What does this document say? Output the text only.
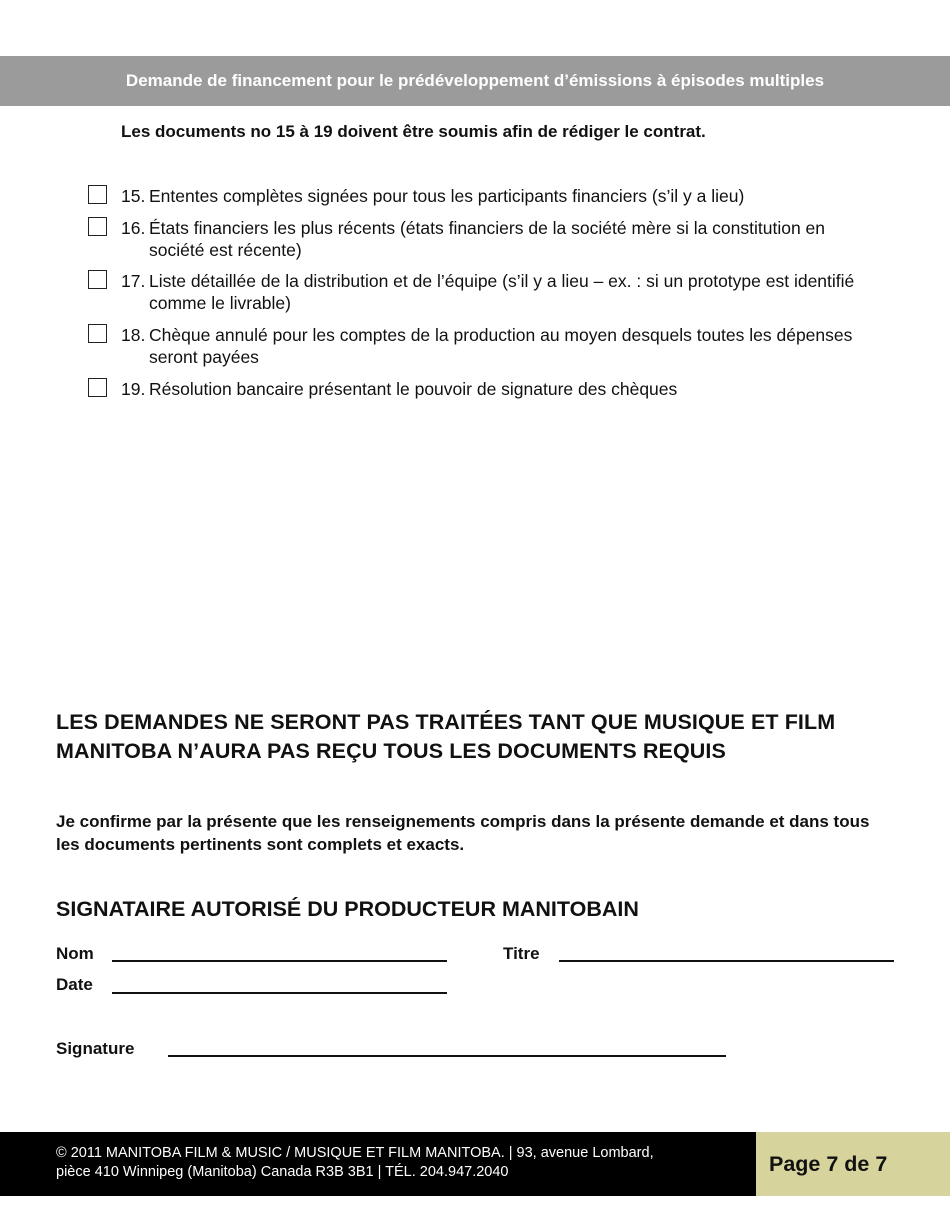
Demande de financement pour le prédéveloppement d’émissions à épisodes multiples
Les documents no 15 à 19 doivent être soumis afin de rédiger le contrat.
15. Ententes complètes signées pour tous les participants financiers (s’il y a lieu)
16. États financiers les plus récents (états financiers de la société mère si la constitution en société est récente)
17. Liste détaillée de la distribution et de l’équipe (s’il y a lieu – ex. : si un prototype est identifié comme le livrable)
18. Chèque annulé pour les comptes de la production au moyen desquels toutes les dépenses seront payées
19. Résolution bancaire présentant le pouvoir de signature des chèques
LES DEMANDES NE SERONT PAS TRAITÉES TANT QUE MUSIQUE ET FILM MANITOBA N’AURA PAS REÇU TOUS LES DOCUMENTS REQUIS
Je confirme par la présente que les renseignements compris dans la présente demande et dans tous les documents pertinents sont complets et exacts.
SIGNATAIRE AUTORISÉ DU PRODUCTEUR MANITOBAIN
Nom	Titre
Date
Signature
© 2011 MANITOBA FILM & MUSIC / MUSIQUE ET FILM MANITOBA. | 93, avenue Lombard,
pièce 410 Winnipeg (Manitoba) Canada R3B 3B1 | TÉL. 204.947.2040	Page 7 de 7
